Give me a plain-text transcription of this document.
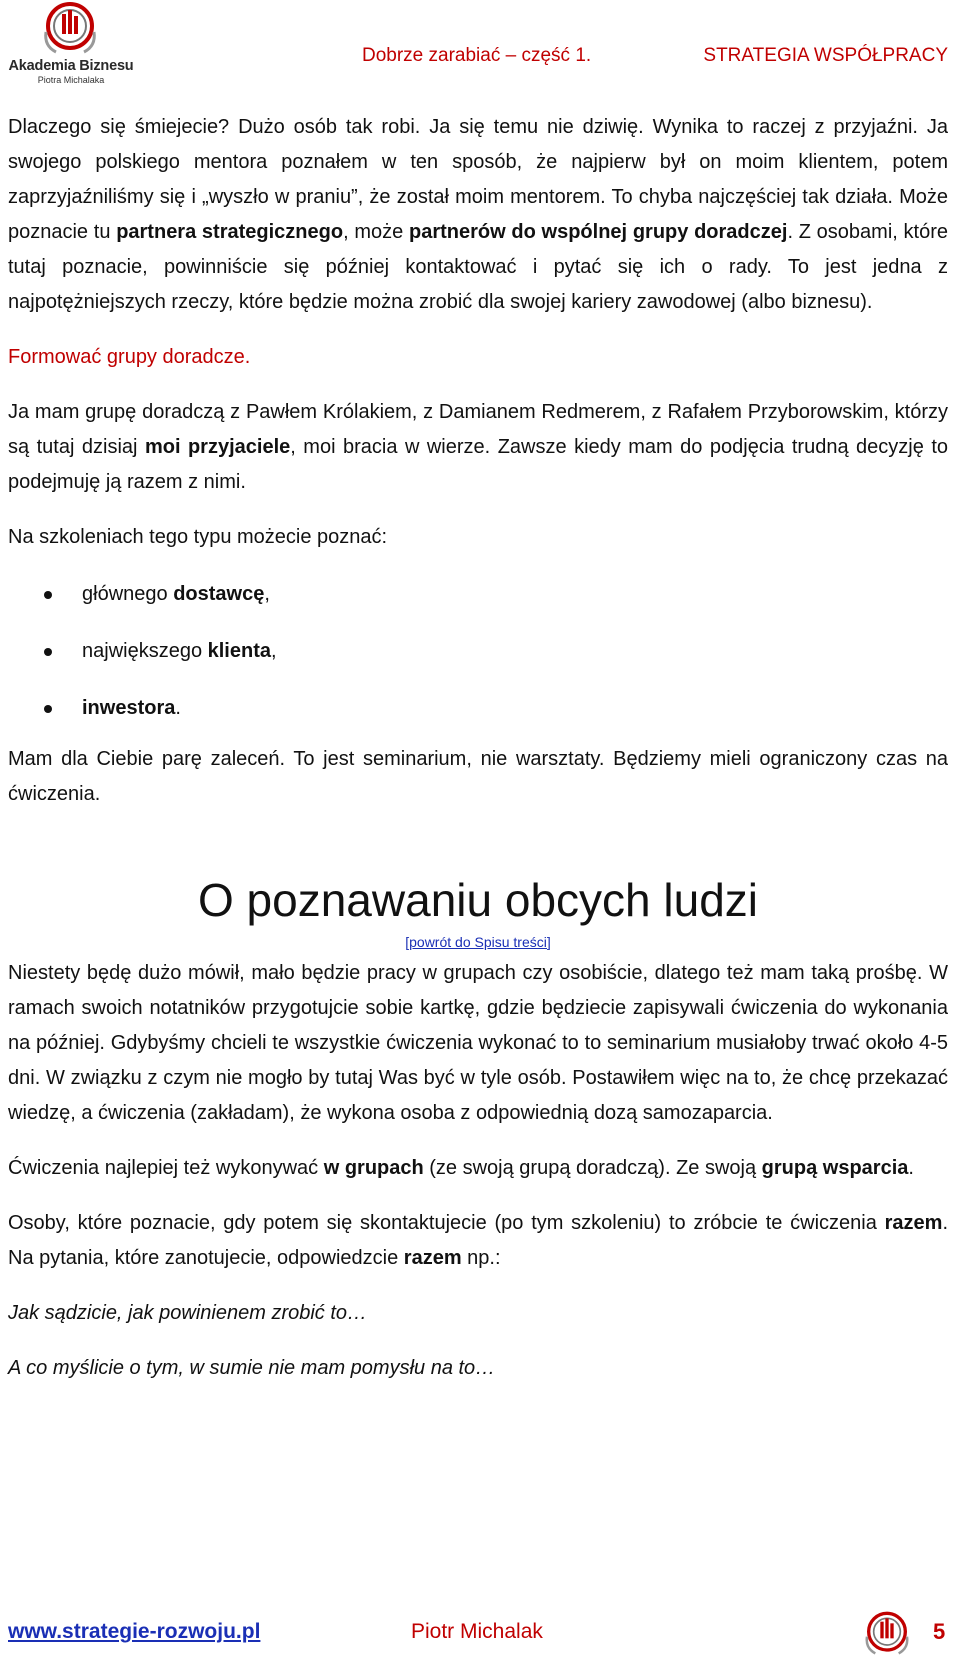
Akademia Biznesu
Piotra Michalaka
Dobrze zarabiać – część 1.	STRATEGIA WSPÓŁPRACY

Dlaczego się śmiejecie? Dużo osób tak robi. Ja się temu nie dziwię. Wynika to raczej z przyjaźni. Ja swojego polskiego mentora poznałem w ten sposób, że najpierw był on moim klientem, potem zaprzyjaźniliśmy się i „wyszło w praniu”, że został moim mentorem. To chyba najczęściej tak działa. Może poznacie tu partnera strategicznego, może partnerów do wspólnej grupy doradczej. Z osobami, które tutaj poznacie, powinniście się później kontaktować i pytać się ich o rady. To jest jedna z najpotężniejszych rzeczy, które będzie można zrobić dla swojej kariery zawodowej (albo biznesu).

Formować grupy doradcze.

Ja mam grupę doradczą z Pawłem Królakiem, z Damianem Redmerem, z Rafałem Przyborowskim, którzy są tutaj dzisiaj moi przyjaciele, moi bracia w wierze. Zawsze kiedy mam do podjęcia trudną decyzję to podejmuję ją razem z nimi.

Na szkoleniach tego typu możecie poznać:

głównego dostawcę,
największego klienta,
inwestora.

Mam dla Ciebie parę zaleceń. To jest seminarium, nie warsztaty. Będziemy mieli ograniczony czas na ćwiczenia.

O poznawaniu obcych ludzi
[powrót do Spisu treści]

Niestety będę dużo mówił, mało będzie pracy w grupach czy osobiście, dlatego też mam taką prośbę. W ramach swoich notatników przygotujcie sobie kartkę, gdzie będziecie zapisywali ćwiczenia do wykonania na później. Gdybyśmy chcieli te wszystkie ćwiczenia wykonać to to seminarium musiałoby trwać około 4-5 dni. W związku z czym nie mogło by tutaj Was być w tyle osób. Postawiłem więc na to, że chcę przekazać wiedzę, a ćwiczenia (zakładam), że wykona osoba z odpowiednią dozą samozaparcia.

Ćwiczenia najlepiej też wykonywać w grupach (ze swoją grupą doradczą). Ze swoją grupą wsparcia.

Osoby, które poznacie, gdy potem się skontaktujecie (po tym szkoleniu) to zróbcie te ćwiczenia razem. Na pytania, które zanotujecie, odpowiedzcie razem np.:

Jak sądzicie, jak powinienem zrobić to…

A co myślicie o tym, w sumie nie mam pomysłu na to…

www.strategie-rozwoju.pl	Piotr Michalak	5
